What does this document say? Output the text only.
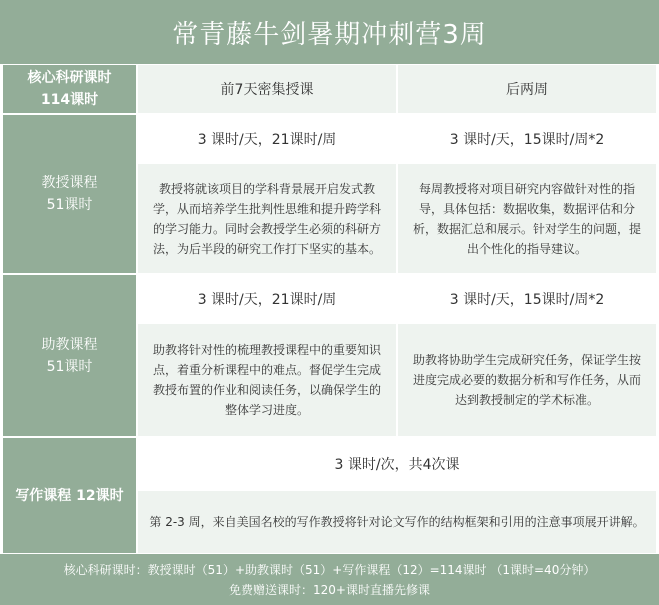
常青藤牛剑暑期冲刺营3周
核心科研课时
114课时
前7天密集授课	后两周
教授课程
51课时
3 课时/天，21课时/周
教授将就该项目的学科背景展开启发式教学，从而培养学生批判性思维和提升跨学科的学习能力。同时会教授学生必须的科研方法，为后半段的研究工作打下坚实的基本。
3 课时/天，15课时/周*2
每周教授将对项目研究内容做针对性的指导，具体包括：数据收集，数据评估和分析，数据汇总和展示。针对学生的问题，提出个性化的指导建议。
助教课程
51课时
3 课时/天，21课时/周
助教将针对性的梳理教授课程中的重要知识点，着重分析课程中的难点。督促学生完成教授布置的作业和阅读任务，以确保学生的整体学习进度。
3 课时/天，15课时/周*2
助教将协助学生完成研究任务，保证学生按进度完成必要的数据分析和写作任务，从而达到教授制定的学术标准。
写作课程 12课时
3 课时/次，共4次课
第 2-3 周，来自美国名校的写作教授将针对论文写作的结构框架和引用的注意事项展开讲解。
核心科研课时：教授课时（51）+助教课时（51）+写作课程（12）=114课时 （1课时=40分钟）
免费赠送课时：120+课时直播先修课
